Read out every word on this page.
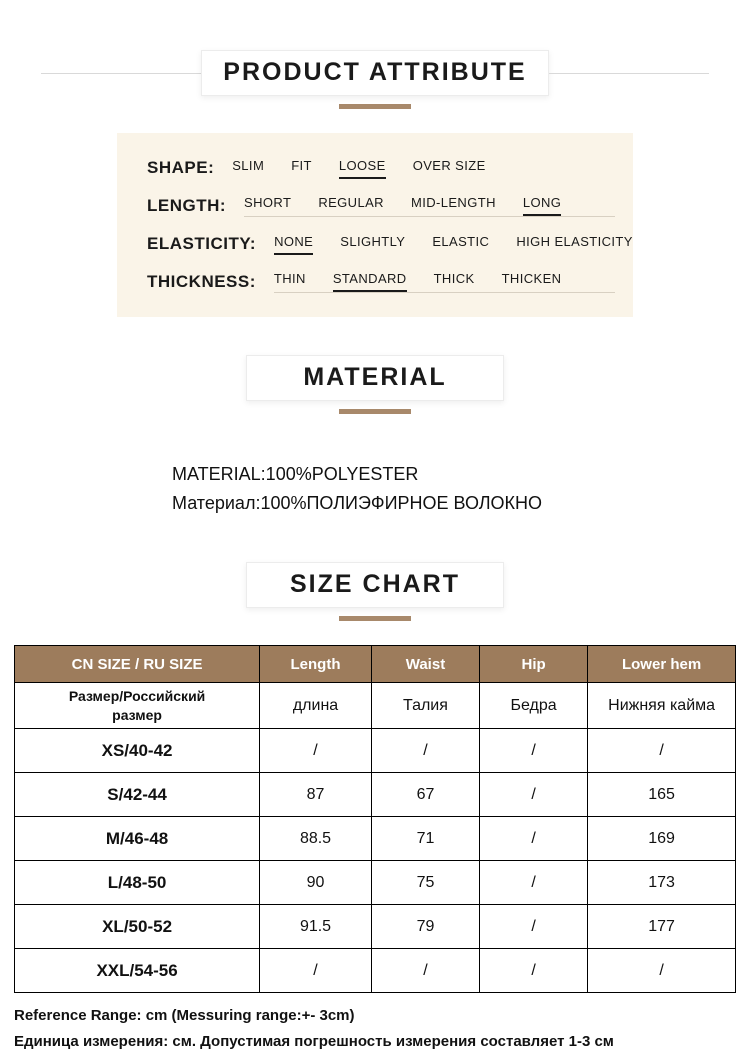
PRODUCT ATTRIBUTE
SHAPE: SLIM FIT LOOSE OVER SIZE
LENGTH: SHORT REGULAR MID-LENGTH LONG
ELASTICITY: NONE SLIGHTLY ELASTIC HIGH ELASTICITY
THICKNESS: THIN STANDARD THICK THICKEN
MATERIAL
MATERIAL:100%POLYESTER
Материал:100%ПОЛИЭФИРНОЕ ВОЛОКНО
SIZE CHART
CN SIZE / RU SIZE	Length	Waist	Hip	Lower hem
Размер/Российский размер	длина	Талия	Бедра	Нижняя кайма
XS/40-42	/	/	/	/
S/42-44	87	67	/	165
M/46-48	88.5	71	/	169
L/48-50	90	75	/	173
XL/50-52	91.5	79	/	177
XXL/54-56	/	/	/	/
Reference Range: cm (Messuring range:+- 3cm)
Единица измерения: см. Допустимая погрешность измерения составляет 1-3 см
